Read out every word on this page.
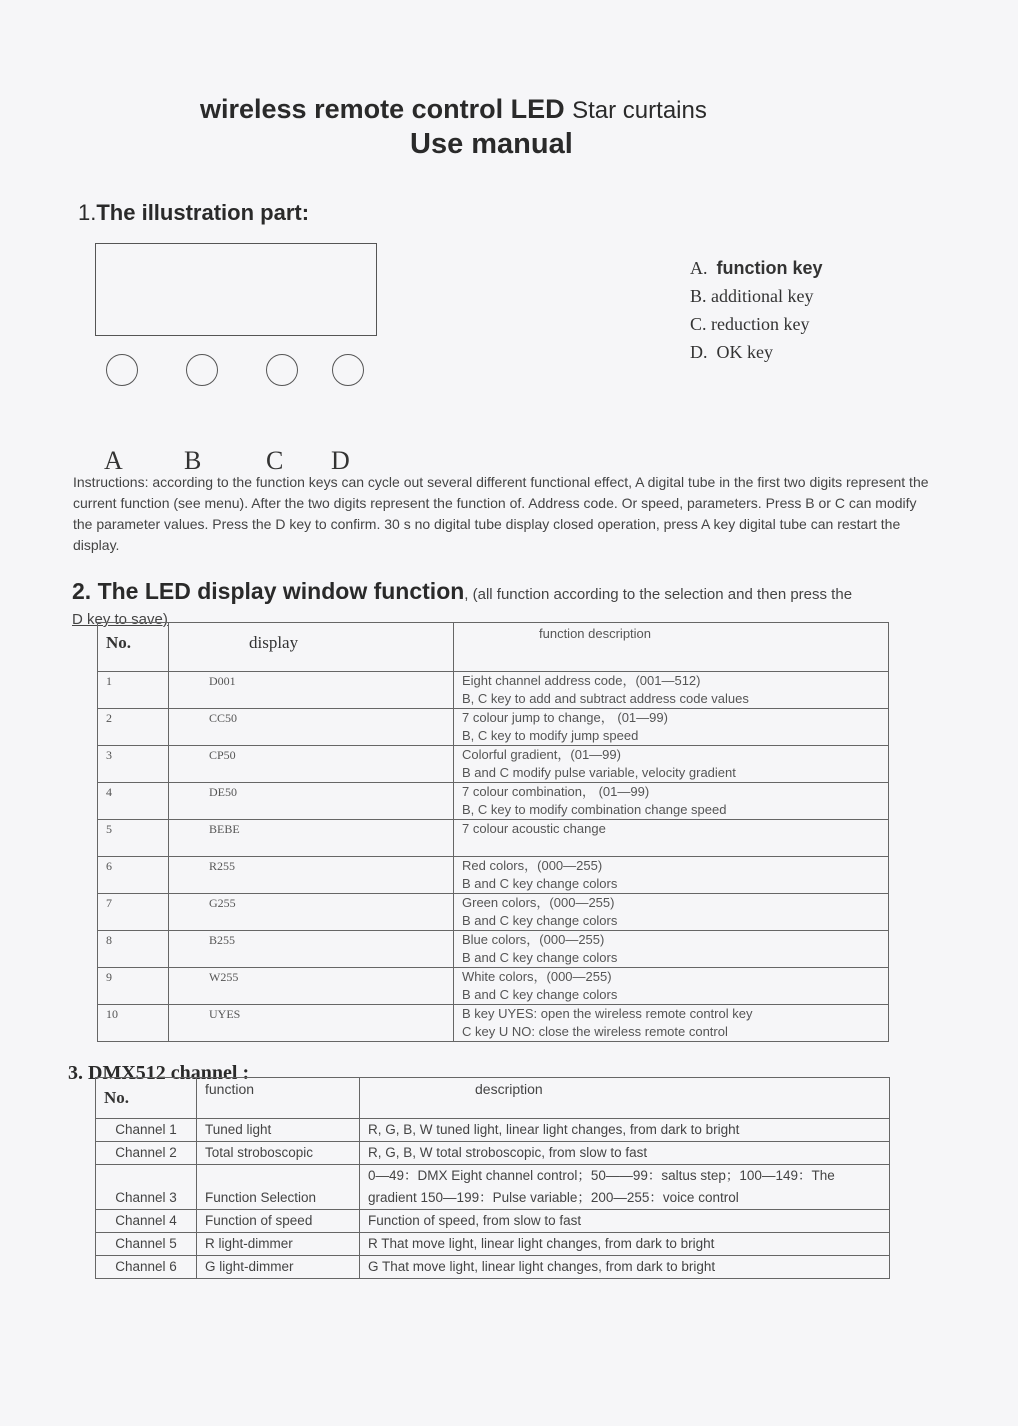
wireless remote control LED Star curtains
Use manual
1.The illustration part:
A. function key
B. additional key
C. reduction key
D. OK key
A B C D
Instructions: according to the function keys can cycle out several different functional effect, A digital tube in the first two digits represent the current function (see menu). After the two digits represent the function of. Address code. Or speed, parameters. Press B or C can modify the parameter values. Press the D key to confirm. 30 s no digital tube display closed operation, press A key digital tube can restart the display.
2. The LED display window function, (all function according to the selection and then press the
D key to save)
No.	display	function description
1	D001	Eight channel address code，(001—512)
B, C key to add and subtract address code values

2	CC50	7 colour jump to change， (01—99)
B, C key to modify jump speed

3	CP50	Colorful gradient，(01—99)
B and C modify pulse variable, velocity gradient

4	DE50	7 colour combination， (01—99)
B, C key to modify combination change speed

5	BEBE	7 colour acoustic change

6	R255	Red colors，(000—255)
B and C key change colors

7	G255	Green colors，(000—255)
B and C key change colors

8	B255	Blue colors，(000—255)
B and C key change colors

9	W255	White colors，(000—255)
B and C key change colors

10	UYES	B key UYES: open the wireless remote control key
C key U NO: close the wireless remote control
3. DMX512 channel :
No.	function	description
Channel 1	Tuned light	R, G, B, W tuned light, linear light changes, from dark to bright
Channel 2	Total stroboscopic	R, G, B, W total stroboscopic, from slow to fast
Channel 3	Function Selection	0—49：DMX Eight channel control；50——99：saltus step；100—149：The gradient 150—199：Pulse variable；200—255：voice control
Channel 4	Function of speed	Function of speed, from slow to fast
Channel 5	R light-dimmer	R That move light, linear light changes, from dark to bright
Channel 6	G light-dimmer	G That move light, linear light changes, from dark to bright
